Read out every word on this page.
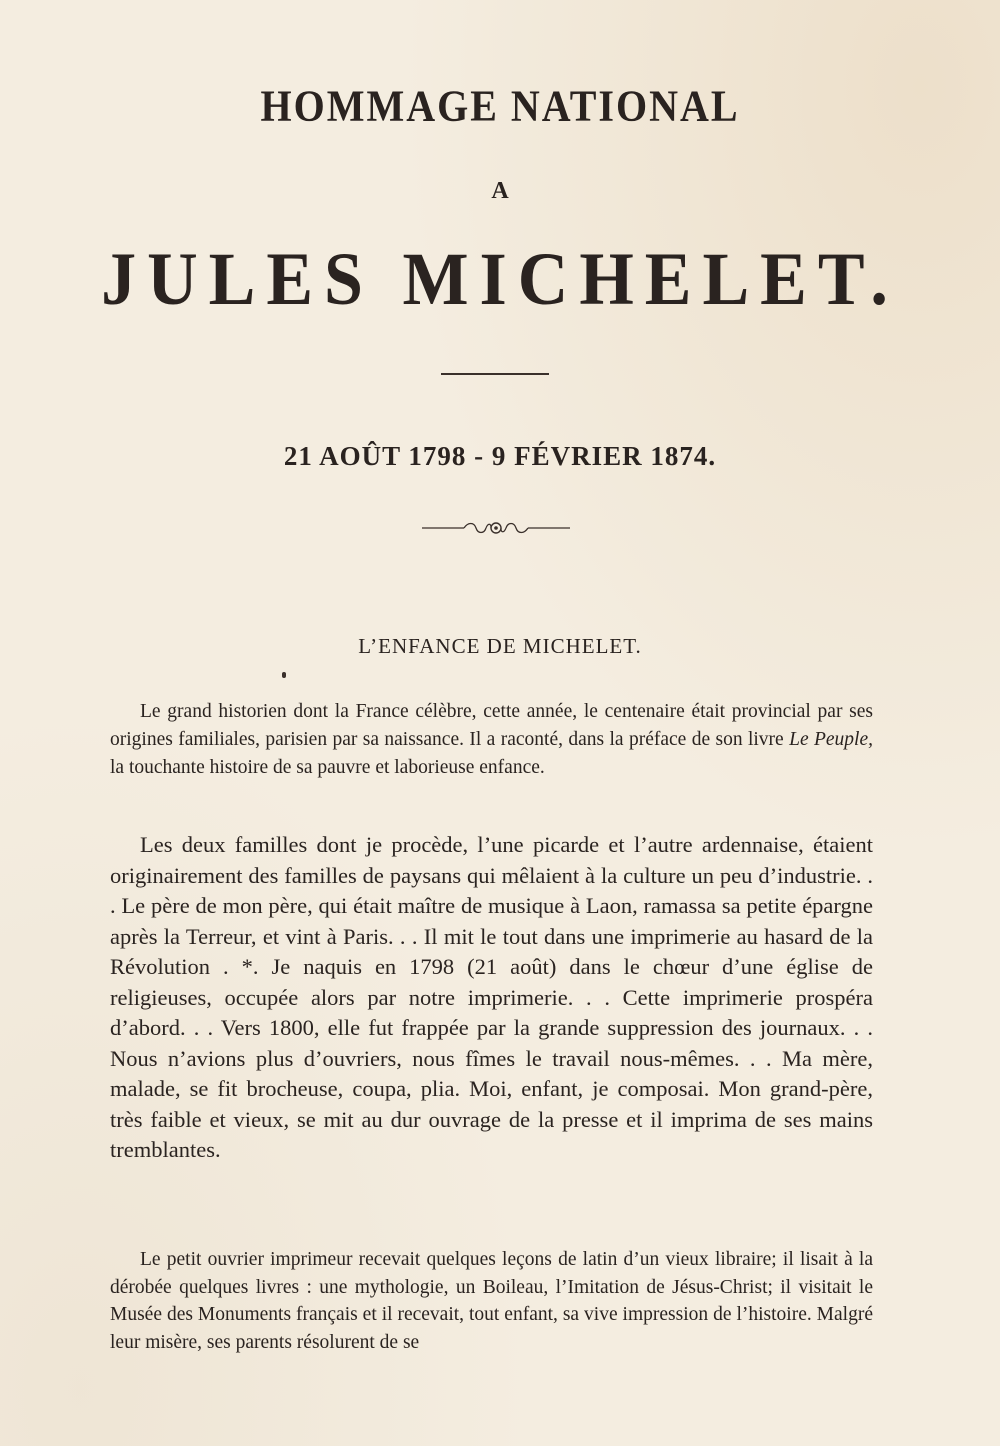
HOMMAGE NATIONAL
A
JULES MICHELET.
21 AOÛT 1798 - 9 FÉVRIER 1874.
L’ENFANCE DE MICHELET.

Le grand historien dont la France célèbre, cette année, le centenaire était provincial par ses origines familiales, parisien par sa naissance. Il a raconté, dans la préface de son livre Le Peuple, la touchante histoire de sa pauvre et laborieuse enfance.

Les deux familles dont je procède, l’une picarde et l’autre ardennaise, étaient originairement des familles de paysans qui mêlaient à la culture un peu d’industrie. . . Le père de mon père, qui était maître de musique à Laon, ramassa sa petite épargne après la Terreur, et vint à Paris. . . Il mit le tout dans une imprimerie au hasard de la Révolution . *. Je naquis en 1798 (21 août) dans le chœur d’une église de religieuses, occupée alors par notre imprimerie. . . Cette imprimerie prospéra d’abord. . . Vers 1800, elle fut frappée par la grande suppression des journaux. . . Nous n’avions plus d’ouvriers, nous fîmes le travail nous-mêmes. . . Ma mère, malade, se fit brocheuse, coupa, plia. Moi, enfant, je composai. Mon grand-père, très faible et vieux, se mit au dur ouvrage de la presse et il imprima de ses mains tremblantes.

Le petit ouvrier imprimeur recevait quelques leçons de latin d’un vieux libraire; il lisait à la dérobée quelques livres : une mythologie, un Boileau, l’Imitation de Jésus-Christ; il visitait le Musée des Monuments français et il recevait, tout enfant, sa vive impression de l’histoire. Malgré leur misère, ses parents résolurent de se
